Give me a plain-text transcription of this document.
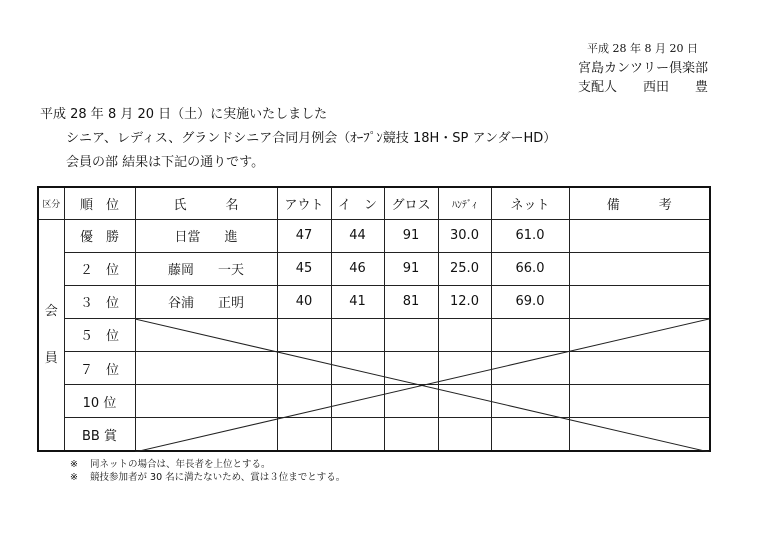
平成 28 年 8 月 20 日
宮島カンツリー倶楽部
支配人　　西田　　豊
平成 28 年 8 月 20 日（土）に実施いたしました
シニア、レディス、グランドシニア合同月例会（ｵｰﾌﾟﾝ競技 18H・SP アンダーHD）
会員の部 結果は下記の通りです。
区分	順　位	氏　　　名	アウト	イ　ン	グロス	ﾊﾝﾃﾞｨ	ネット	備　　　考

会
員	優　勝	日當 進	47	44	91	30.0	61.0	
	２　位	藤岡 一天	45	46	91	25.0	66.0	
	３　位	谷浦 正明	40	41	81	12.0	69.0	
	５　位							
	７　位							
	10 位							
	BB 賞							
※ 同ネットの場合は、年長者を上位とする。
※ 競技参加者が 30 名に満たないため、賞は３位までとする。
